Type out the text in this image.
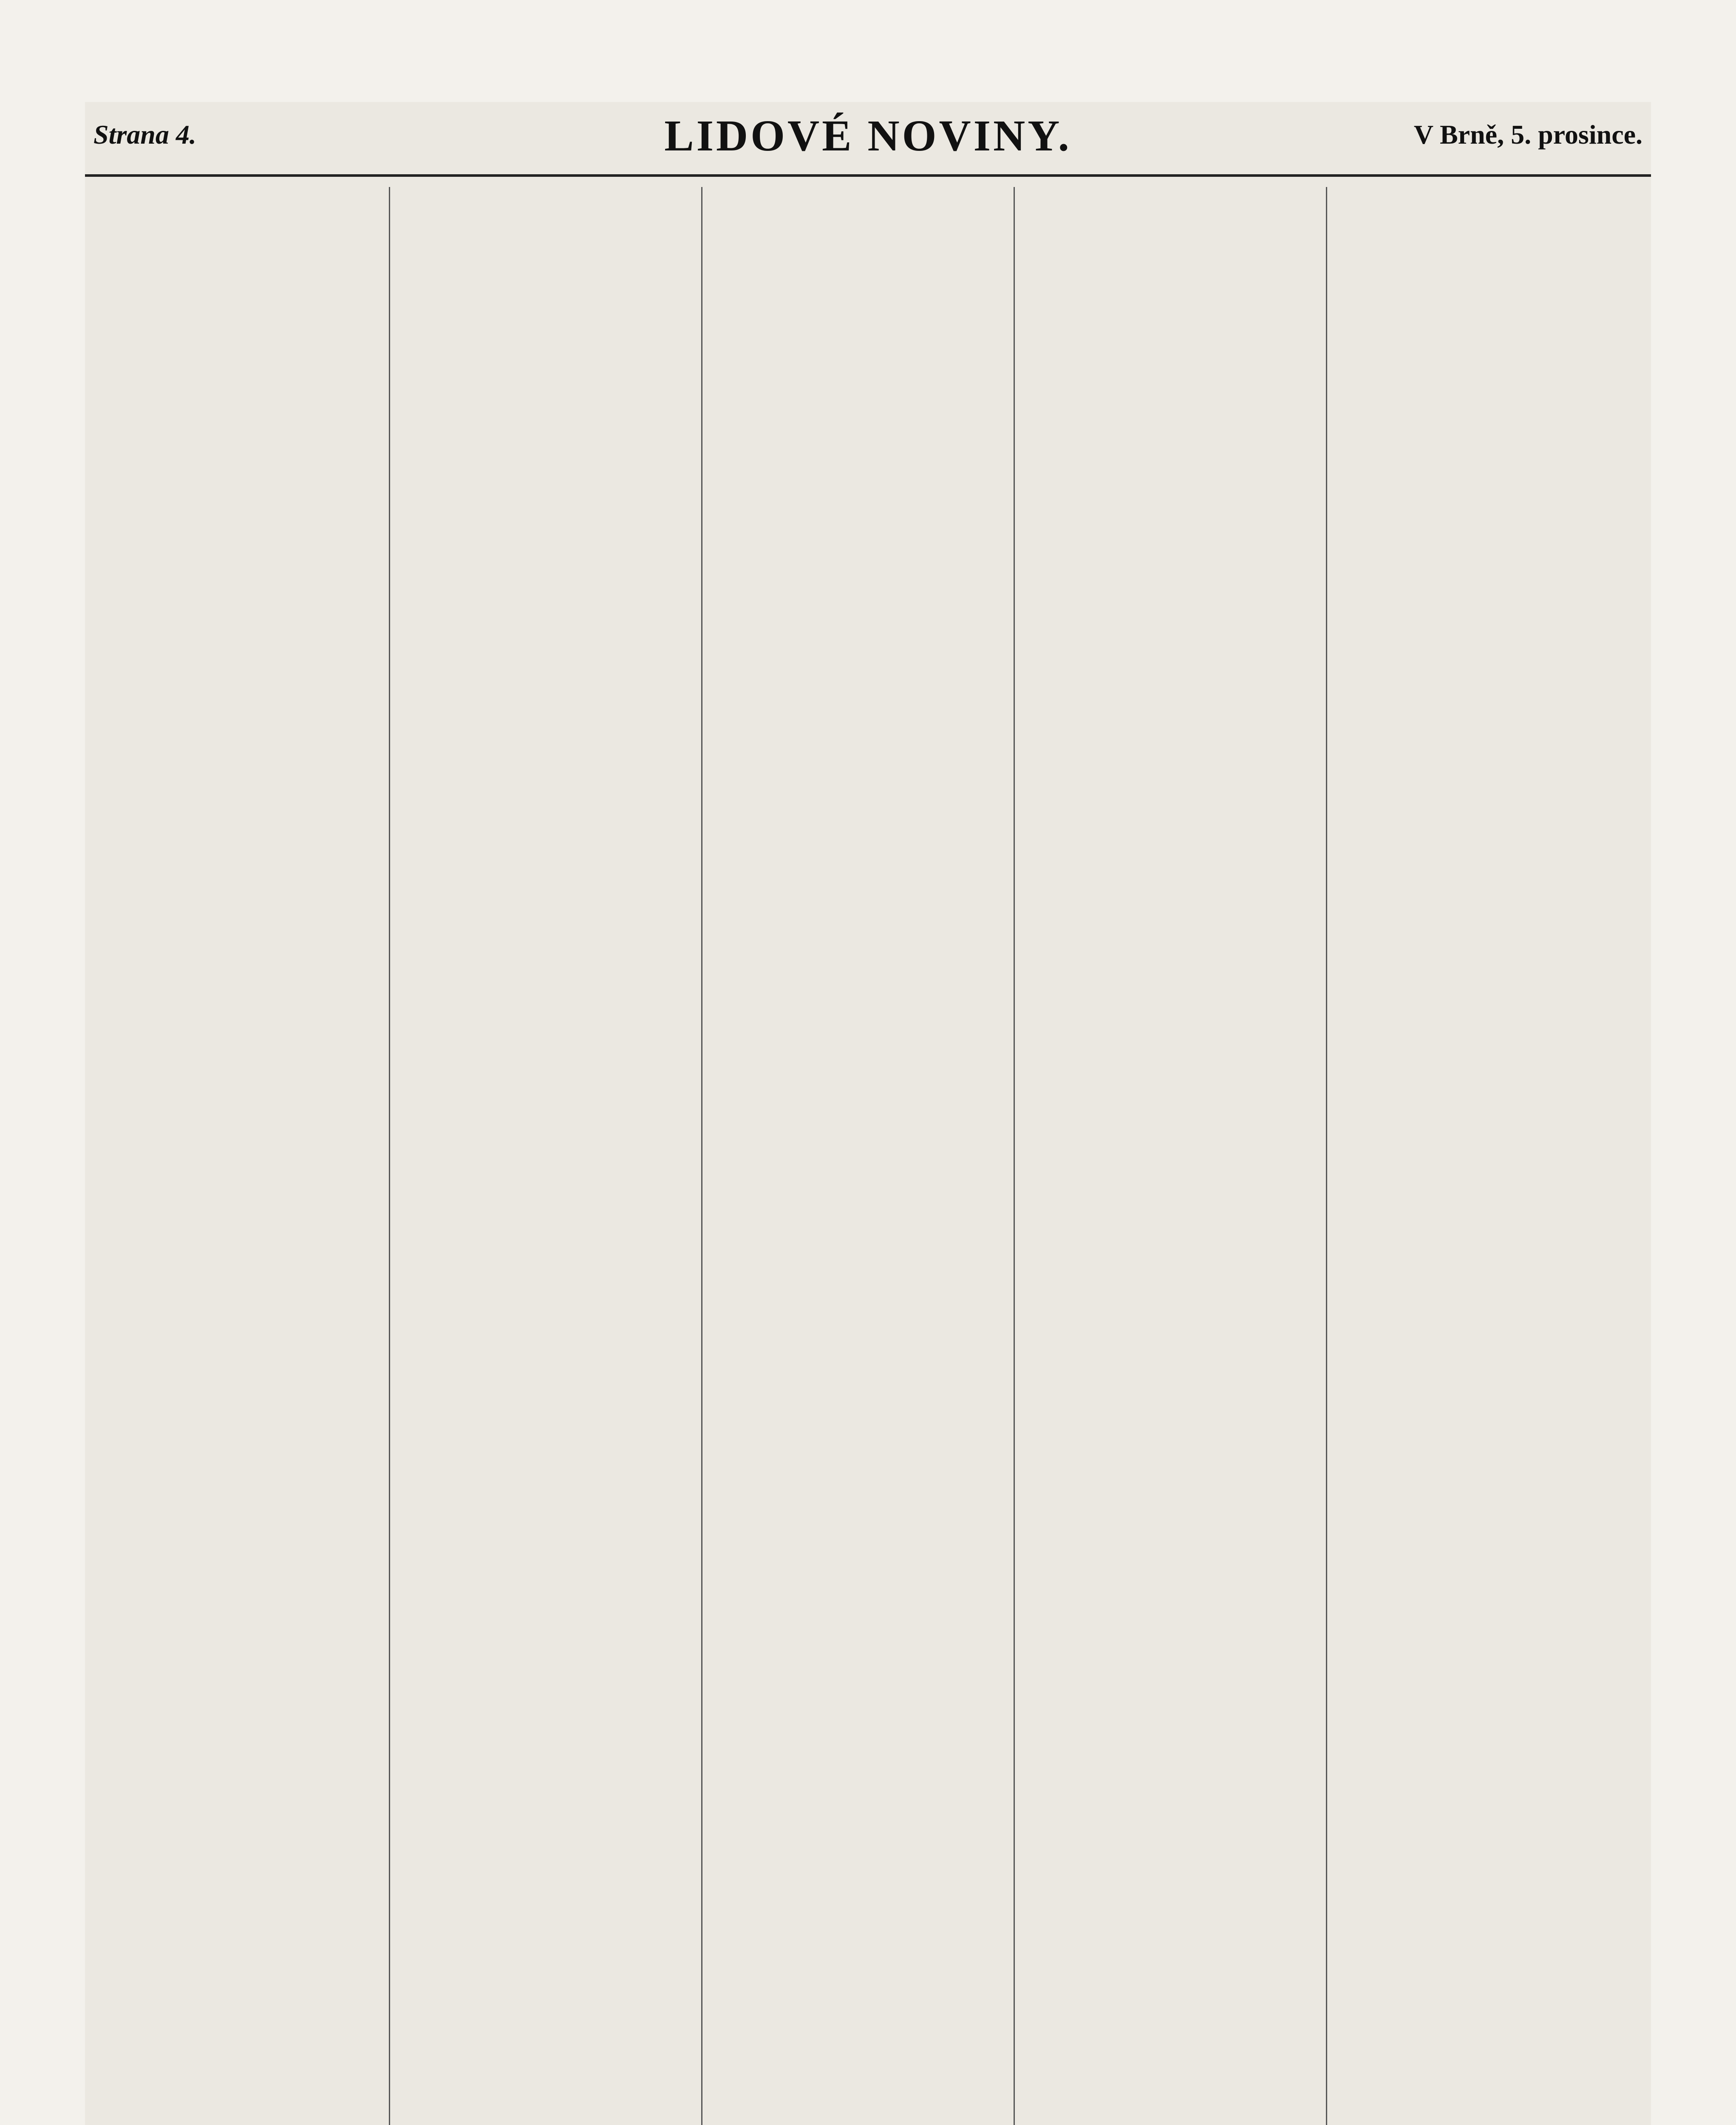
Strana 4.	LIDOVÉ NOVINY.	V Brně, 5. prosince.
